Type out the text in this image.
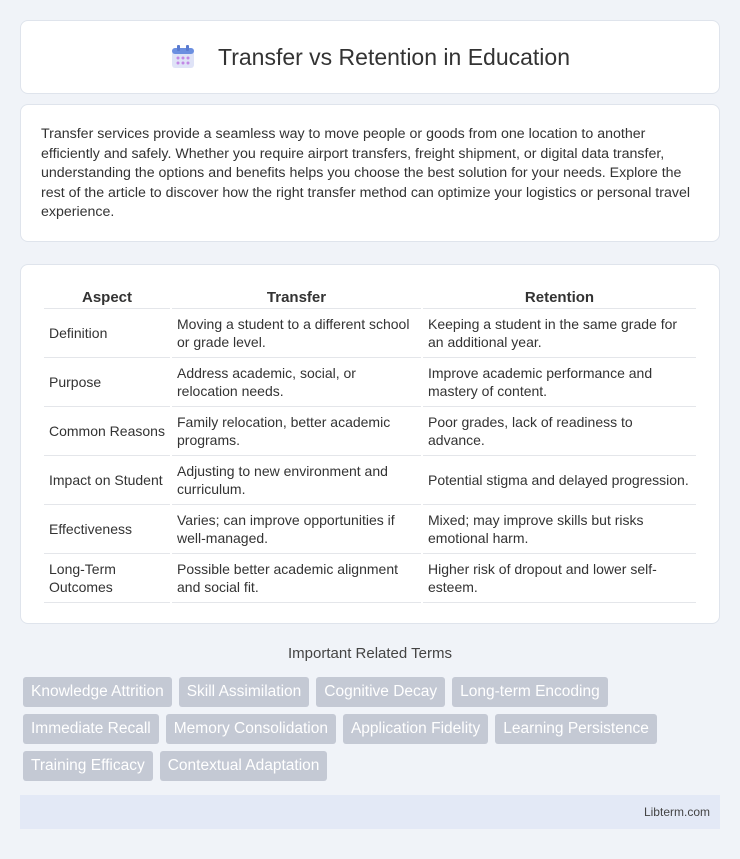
Transfer vs Retention in Education

Transfer services provide a seamless way to move people or goods from one location to another efficiently and safely. Whether you require airport transfers, freight shipment, or digital data transfer, understanding the options and benefits helps you choose the best solution for your needs. Explore the rest of the article to discover how the right transfer method can optimize your logistics or personal travel experience.

Aspect	Transfer	Retention
Definition	Moving a student to a different school or grade level.	Keeping a student in the same grade for an additional year.
Purpose	Address academic, social, or relocation needs.	Improve academic performance and mastery of content.
Common Reasons	Family relocation, better academic programs.	Poor grades, lack of readiness to advance.
Impact on Student	Adjusting to new environment and curriculum.	Potential stigma and delayed progression.
Effectiveness	Varies; can improve opportunities if well-managed.	Mixed; may improve skills but risks emotional harm.
Long-Term Outcomes	Possible better academic alignment and social fit.	Higher risk of dropout and lower self-esteem.
Important Related Terms
Knowledge Attrition	Skill Assimilation	Cognitive Decay	Long-term Encoding
Immediate Recall	Memory Consolidation	Application Fidelity	Learning Persistence
Training Efficacy	Contextual Adaptation
Libterm.com
